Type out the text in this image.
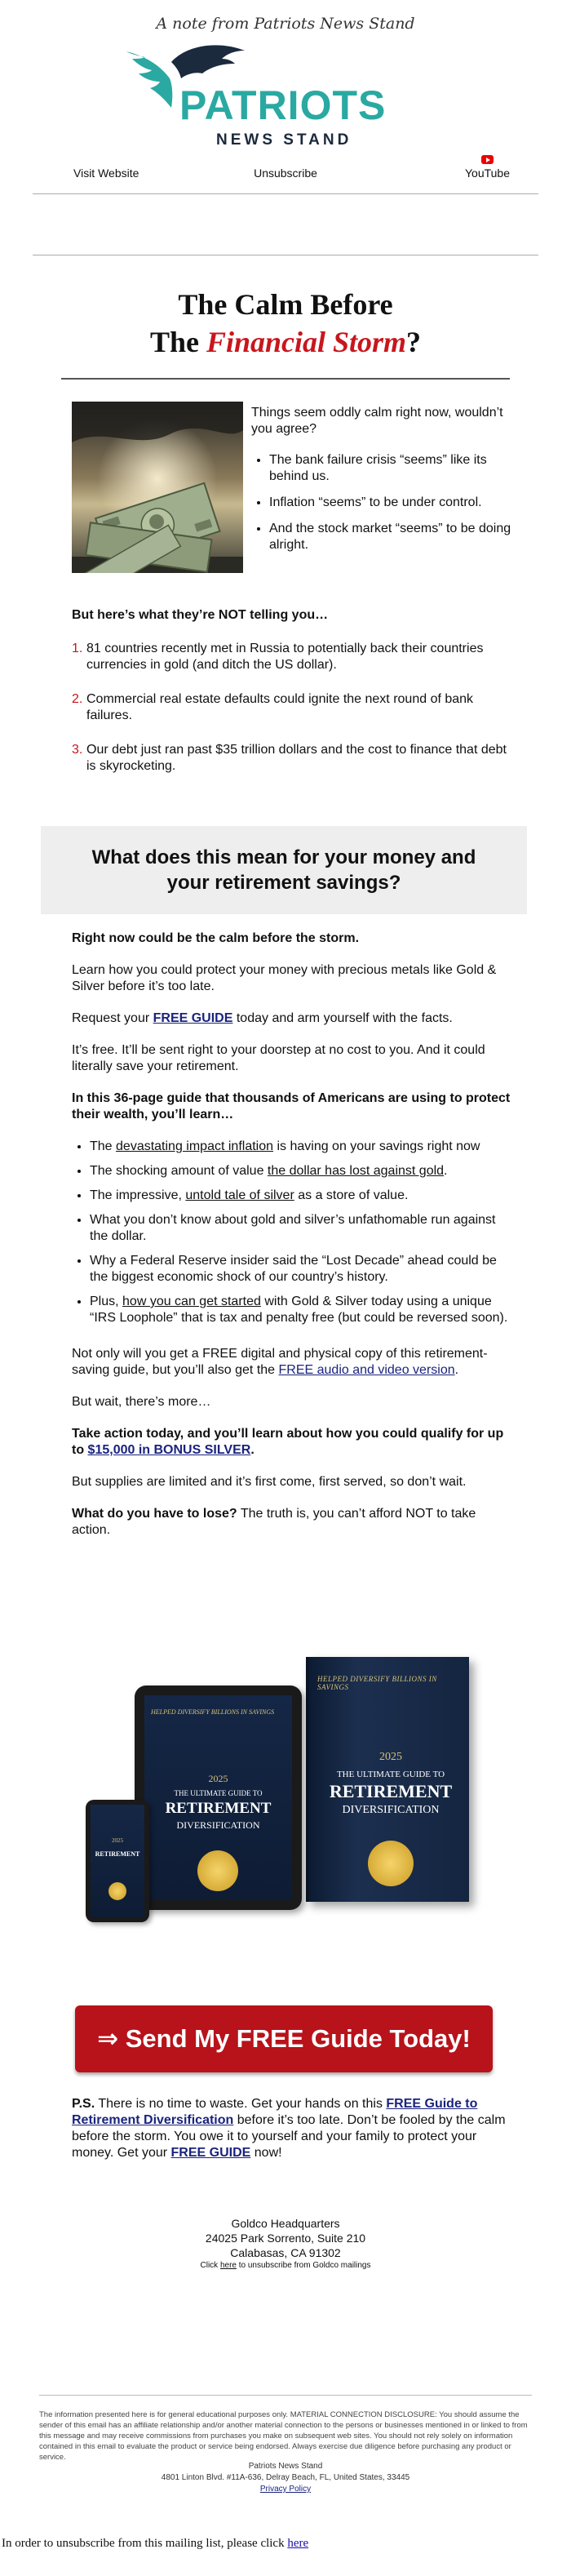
A note from Patriots News Stand
PATRIOTS
NEWS STAND
Visit Website	Unsubscribe	YouTube
The Calm Before
The Financial Storm?

Things seem oddly calm right now, wouldn’t you agree?

• The bank failure crisis “seems” like its behind us.
• Inflation “seems” to be under control.
• And the stock market “seems” to be doing alright.
But here’s what they’re NOT telling you…
1. 81 countries recently met in Russia to potentially back their countries currencies in gold (and ditch the US dollar).
2. Commercial real estate defaults could ignite the next round of bank failures.
3. Our debt just ran past $35 trillion dollars and the cost to finance that debt is skyrocketing.
What does this mean for your money and your retirement savings?

Right now could be the calm before the storm.

Learn how you could protect your money with precious metals like Gold & Silver before it’s too late.

Request your FREE GUIDE today and arm yourself with the facts.

It’s free. It’ll be sent right to your doorstep at no cost to you. And it could literally save your retirement.

In this 36-page guide that thousands of Americans are using to protect their wealth, you’ll learn…

• The devastating impact inflation is having on your savings right now
• The shocking amount of value the dollar has lost against gold.
• The impressive, untold tale of silver as a store of value.
• What you don’t know about gold and silver’s unfathomable run against the dollar.
• Why a Federal Reserve insider said the “Lost Decade” ahead could be the biggest economic shock of our country’s history.
• Plus, how you can get started with Gold & Silver today using a unique “IRS Loophole” that is tax and penalty free (but could be reversed soon).

Not only will you get a FREE digital and physical copy of this retirement-saving guide, but you’ll also get the FREE audio and video version.

But wait, there’s more…

Take action today, and you’ll learn about how you could qualify for up to $15,000 in BONUS SILVER.

But supplies are limited and it’s first come, first served, so don’t wait.

What do you have to lose? The truth is, you can’t afford NOT to take action.

HELPED DIVERSIFY BILLIONS IN SAVINGS
2025
THE ULTIMATE GUIDE TO
RETIREMENT
DIVERSIFICATION
HELPED DIVERSIFY BILLIONS IN SAVINGS
2025
THE ULTIMATE GUIDE TO
RETIREMENT
DIVERSIFICATION
2025
RETIREMENT
⇒ Send My FREE Guide Today!
P.S. There is no time to waste. Get your hands on this FREE Guide to Retirement Diversification before it’s too late. Don’t be fooled by the calm before the storm. You owe it to yourself and your family to protect your money. Get your FREE GUIDE now!
Goldco Headquarters
24025 Park Sorrento, Suite 210
Calabasas, CA 91302
Click here to unsubscribe from Goldco mailings
The information presented here is for general educational purposes only. MATERIAL CONNECTION DISCLOSURE: You should assume the sender of this email has an affiliate relationship and/or another material connection to the persons or businesses mentioned in or linked to from this message and may receive commissions from purchases you make on subsequent web sites. You should not rely solely on information contained in this email to evaluate the product or service being endorsed. Always exercise due diligence before purchasing any product or service.
Patriots News Stand
4801 Linton Blvd. #11A-636, Delray Beach, FL, United States, 33445
Privacy Policy
In order to unsubscribe from this mailing list, please click here
